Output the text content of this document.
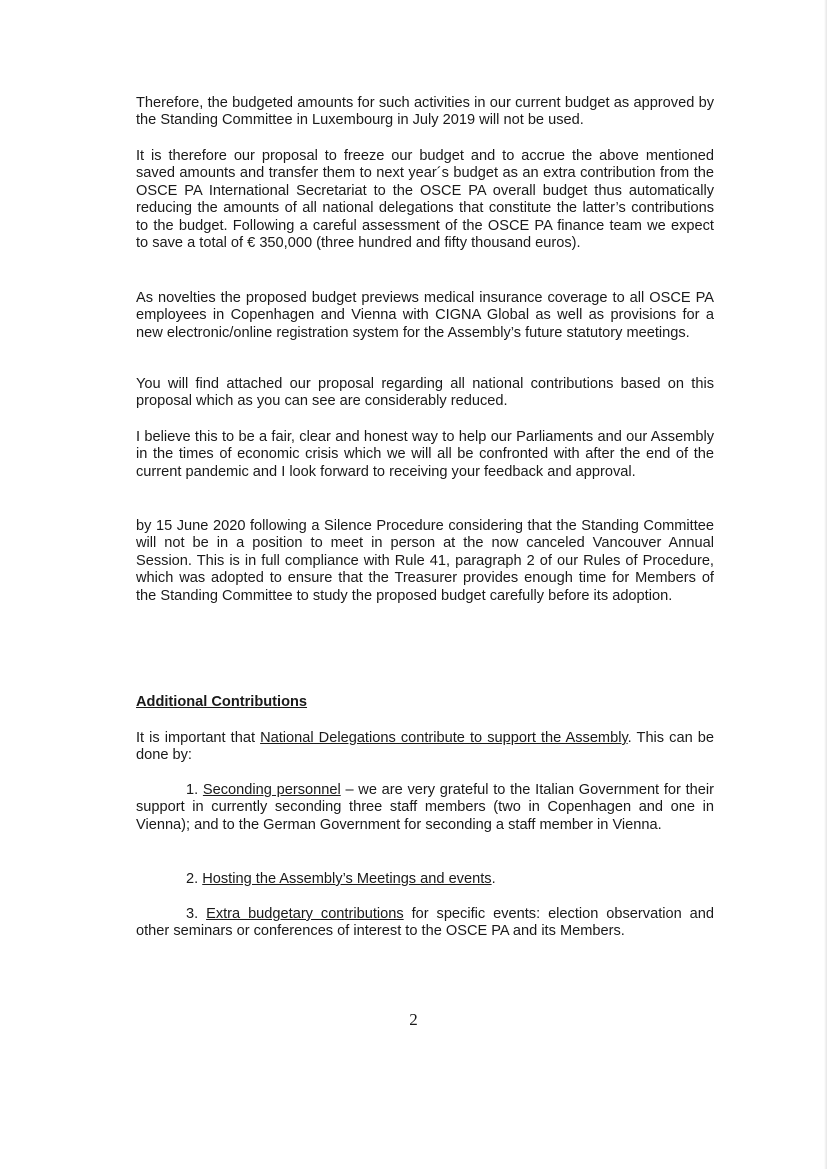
Therefore, the budgeted amounts for such activities in our current budget as approved by the Standing Committee in Luxembourg in July 2019 will not be used.

It is therefore our proposal to freeze our budget and to accrue the above mentioned saved amounts and transfer them to next year´s budget as an extra contribution from the OSCE PA International Secretariat to the OSCE PA overall budget thus automatically reducing the amounts of all national delegations that constitute the latter’s contributions to the budget. Following a careful assessment of the OSCE PA finance team we expect to save a total of € 350,000 (three hundred and fifty thousand euros).

As novelties the proposed budget previews medical insurance coverage to all OSCE PA employees in Copenhagen and Vienna with CIGNA Global as well as provisions for a new electronic/online registration system for the Assembly’s future statutory meetings.

You will find attached our proposal regarding all national contributions based on this proposal which as you can see are considerably reduced.

I believe this to be a fair, clear and honest way to help our Parliaments and our Assembly in the times of economic crisis which we will all be confronted with after the end of the current pandemic and I look forward to receiving your feedback and approval.

by 15 June 2020 following a Silence Procedure considering that the Standing Committee will not be in a position to meet in person at the now canceled Vancouver Annual Session. This is in full compliance with Rule 41, paragraph 2 of our Rules of Procedure, which was adopted to ensure that the Treasurer provides enough time for Members of the Standing Committee to study the proposed budget carefully before its adoption.

Additional Contributions

It is important that National Delegations contribute to support the Assembly. This can be done by:

1. Seconding personnel – we are very grateful to the Italian Government for their support in currently seconding three staff members (two in Copenhagen and one in Vienna); and to the German Government for seconding a staff member in Vienna.

2. Hosting the Assembly’s Meetings and events.

3. Extra budgetary contributions for specific events: election observation and other seminars or conferences of interest to the OSCE PA and its Members.

2
